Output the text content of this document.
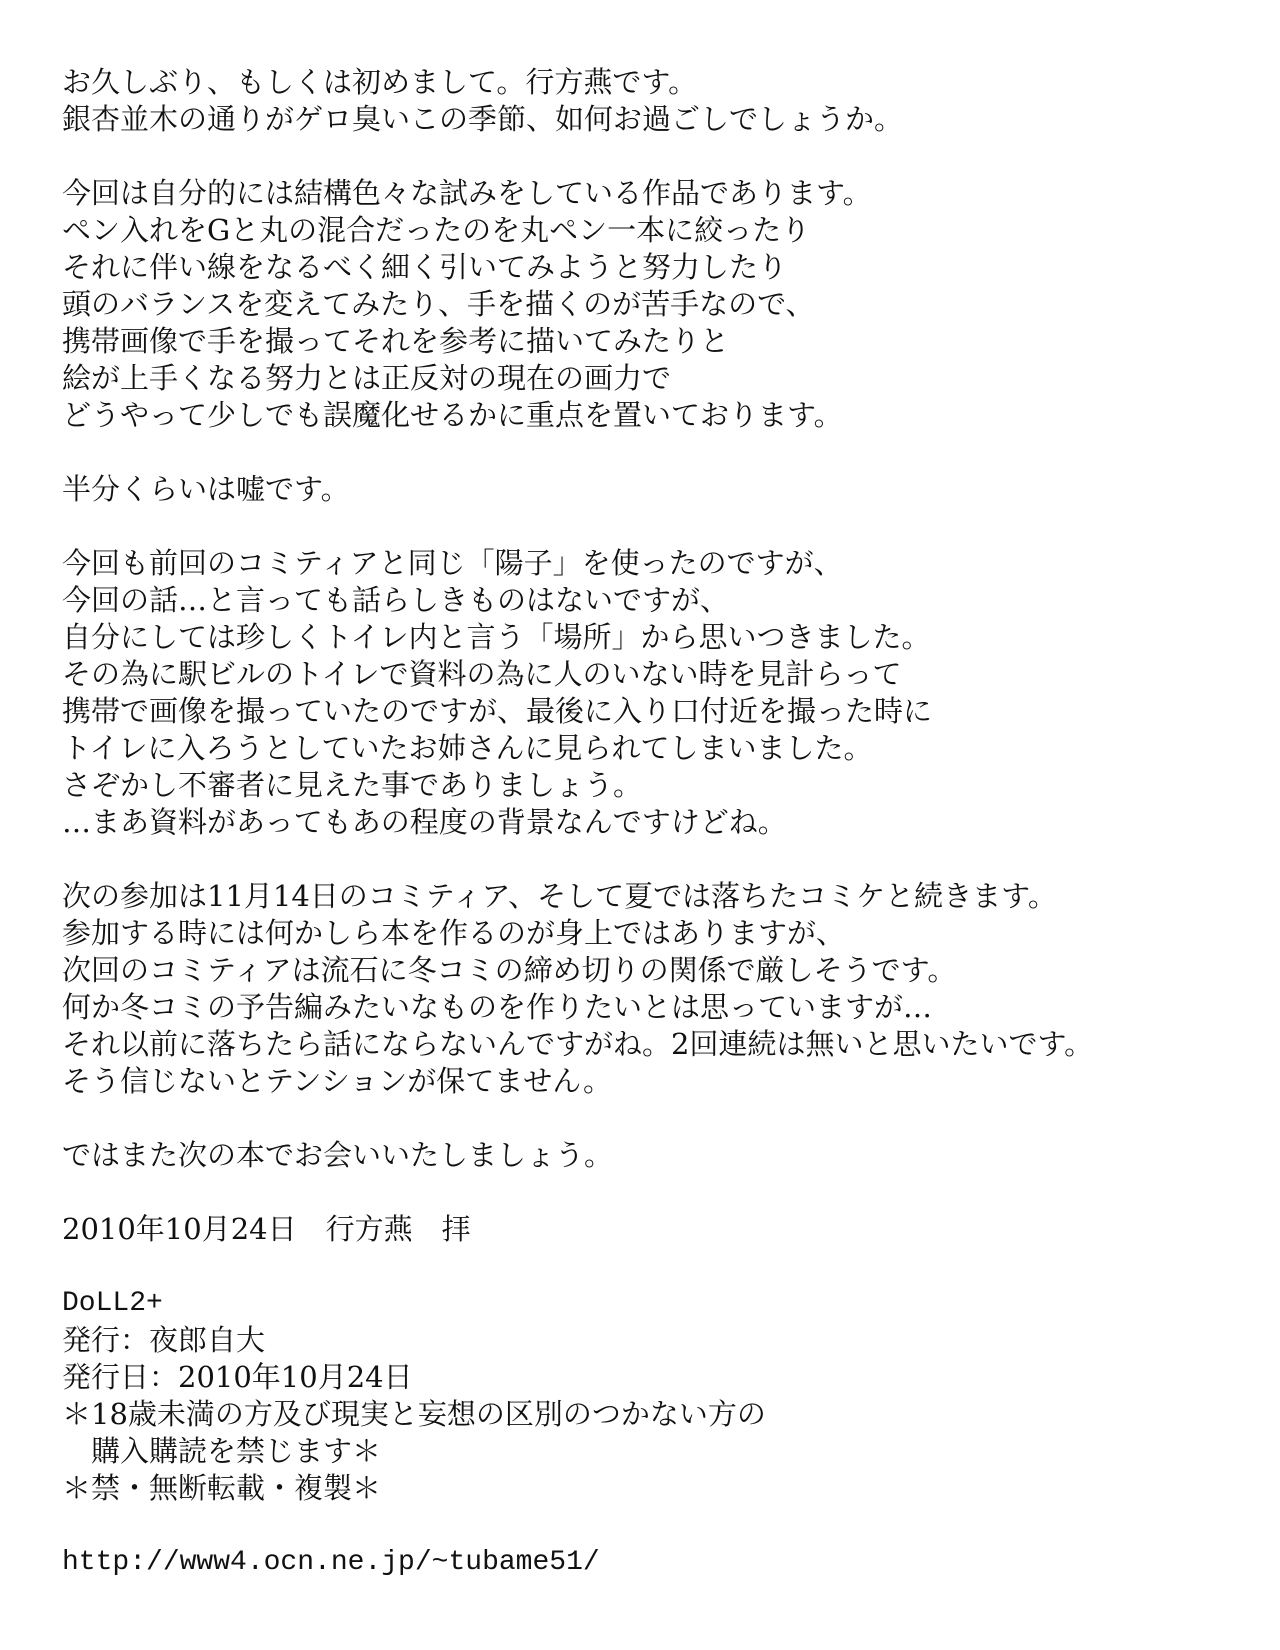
お久しぶり、もしくは初めまして。行方燕です。
銀杏並木の通りがゲロ臭いこの季節、如何お過ごしでしょうか。
今回は自分的には結構色々な試みをしている作品であります。
ペン入れをGと丸の混合だったのを丸ペン一本に絞ったり
それに伴い線をなるべく細く引いてみようと努力したり
頭のバランスを変えてみたり、手を描くのが苦手なので、
携帯画像で手を撮ってそれを参考に描いてみたりと
絵が上手くなる努力とは正反対の現在の画力で
どうやって少しでも誤魔化せるかに重点を置いております。
半分くらいは嘘です。
今回も前回のコミティアと同じ「陽子」を使ったのですが、
今回の話…と言っても話らしきものはないですが、
自分にしては珍しくトイレ内と言う「場所」から思いつきました。
その為に駅ビルのトイレで資料の為に人のいない時を見計らって
携帯で画像を撮っていたのですが、最後に入り口付近を撮った時に
トイレに入ろうとしていたお姉さんに見られてしまいました。
さぞかし不審者に見えた事でありましょう。
…まあ資料があってもあの程度の背景なんですけどね。
次の参加は11月14日のコミティア、そして夏では落ちたコミケと続きます。
参加する時には何かしら本を作るのが身上ではありますが、
次回のコミティアは流石に冬コミの締め切りの関係で厳しそうです。
何か冬コミの予告編みたいなものを作りたいとは思っていますが…
それ以前に落ちたら話にならないんですがね。2回連続は無いと思いたいです。
そう信じないとテンションが保てません。
ではまた次の本でお会いいたしましょう。
2010年10月24日　行方燕　拝
DoLL2+
発行：夜郎自大
発行日：2010年10月24日
＊18歳未満の方及び現実と妄想の区別のつかない方の
　購入購読を禁じます＊
＊禁・無断転載・複製＊
http://www4.ocn.ne.jp/~tubame51/
